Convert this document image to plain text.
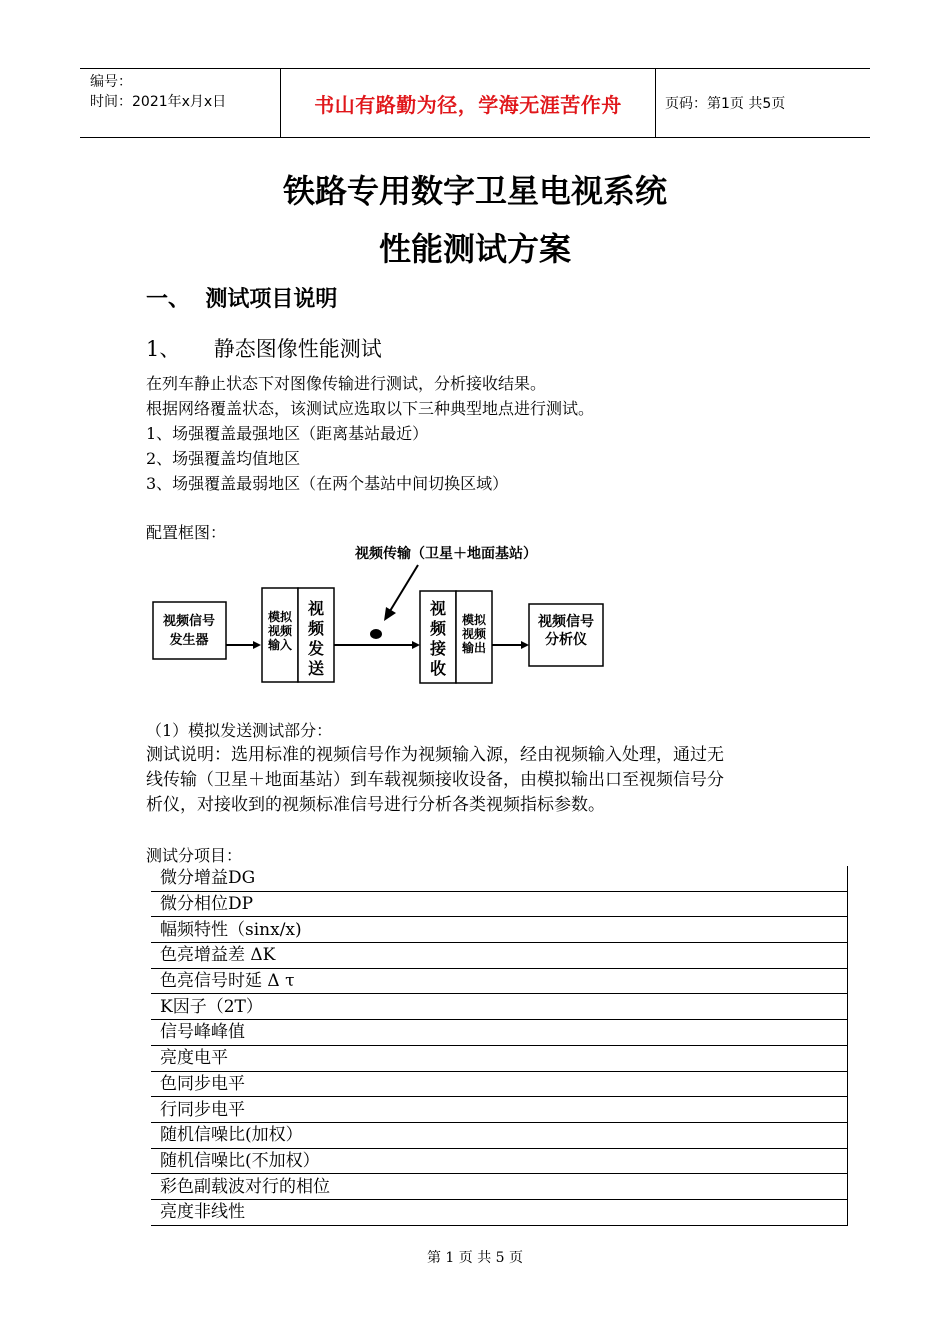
编号：
时间：2021年x月x日	书山有路勤为径，学海无涯苦作舟	页码：第1页 共5页
铁路专用数字卫星电视系统
性能测试方案
一、  测试项目说明
1、     静态图像性能测试
在列车静止状态下对图像传输进行测试，分析接收结果。
根据网络覆盖状态，该测试应选取以下三种典型地点进行测试。
1、场强覆盖最强地区（距离基站最近）
2、场强覆盖均值地区
3、场强覆盖最弱地区（在两个基站中间切换区域）
配置框图：
视频传输（卫星＋地面基站）
视频信号
发生器
模拟
视频
输入
视
频
发
送
视
频
接
收
模拟
视频
输出
视频信号
分析仪
（1）模拟发送测试部分：
测试说明：选用标准的视频信号作为视频输入源，经由视频输入处理，通过无
线传输（卫星＋地面基站）到车载视频接收设备，由模拟输出口至视频信号分
析仪，对接收到的视频标准信号进行分析各类视频指标参数。
测试分项目：
微分增益DG
微分相位DP
幅频特性（sinx/x)
色亮增益差 ΔK
色亮信号时延 Δ τ
K因子（2T）
信号峰峰值
亮度电平
色同步电平
行同步电平
随机信噪比(加权）
随机信噪比(不加权）
彩色副载波对行的相位
亮度非线性
第 1 页 共 5 页
